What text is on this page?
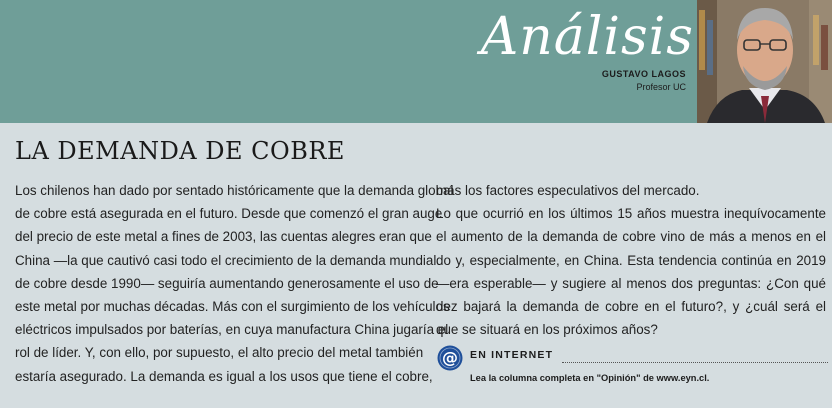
Análisis
GUSTAVO LAGOS
Profesor UC
LA DEMANDA DE COBRE
Los chilenos han dado por sentado históricamente que la demanda global
de cobre está asegurada en el futuro. Desde que comenzó el gran auge
del precio de este metal a fines de 2003, las cuentas alegres eran que
China —la que cautivó casi todo el crecimiento de la demanda mundial
de cobre desde 1990— seguiría aumentando generosamente el uso de
este metal por muchas décadas. Más con el surgimiento de los vehículos
eléctricos impulsados por baterías, en cuya manufactura China jugaría el
rol de líder. Y, con ello, por supuesto, el alto precio del metal también
estaría asegurado. La demanda es igual a los usos que tiene el cobre,
más los factores especulativos del mercado.
Lo que ocurrió en los últimos 15 años muestra inequívocamente
el aumento de la demanda de cobre vino de más a menos en el
do y, especialmente, en China. Esta tendencia continúa en 2019
—era esperable— y sugiere al menos dos preguntas: ¿Con qué
dez bajará la demanda de cobre en el futuro?, y ¿cuál será el
que se situará en los próximos años?
@ EN INTERNET
Lea la columna completa en "Opinión" de www.eyn.cl.
